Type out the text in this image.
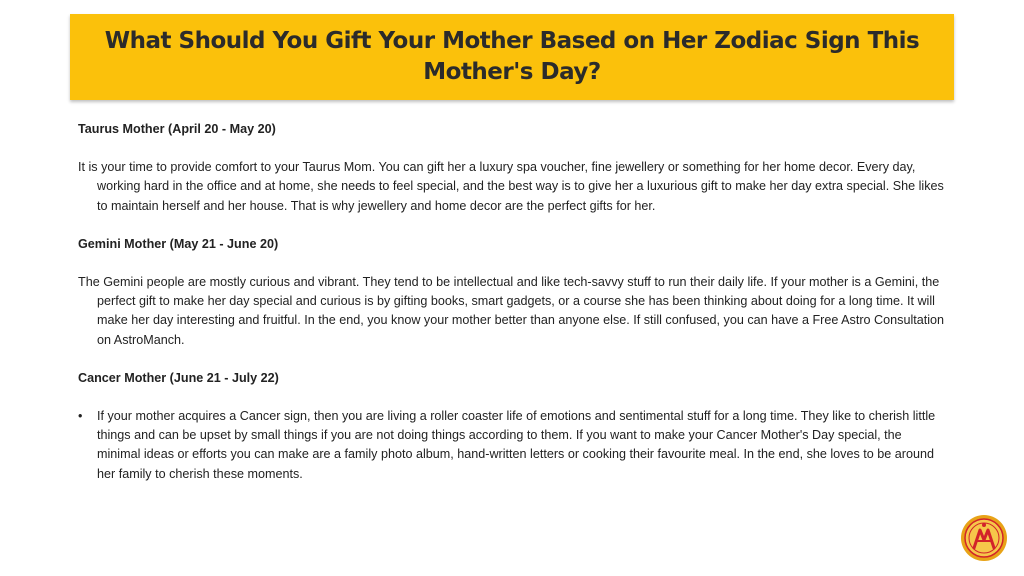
What Should You Gift Your Mother Based on Her Zodiac Sign This Mother's Day?
Taurus Mother (April 20 - May 20)
It is your time to provide comfort to your Taurus Mom. You can gift her a luxury spa voucher, fine jewellery or something for her home decor. Every day, working hard in the office and at home, she needs to feel special, and the best way is to give her a luxurious gift to make her day extra special. She likes to maintain herself and her house. That is why jewellery and home decor are the perfect gifts for her.
Gemini Mother (May 21 - June 20)
The Gemini people are mostly curious and vibrant. They tend to be intellectual and like tech-savvy stuff to run their daily life. If your mother is a Gemini, the perfect gift to make her day special and curious is by gifting books, smart gadgets, or a course she has been thinking about doing for a long time. It will make her day interesting and fruitful. In the end, you know your mother better than anyone else. If still confused, you can have a Free Astro Consultation on AstroManch.
Cancer Mother (June 21 - July 22)
• If your mother acquires a Cancer sign, then you are living a roller coaster life of emotions and sentimental stuff for a long time. They like to cherish little things and can be upset by small things if you are not doing things according to them. If you want to make your Cancer Mother's Day special, the minimal ideas or efforts you can make are a family photo album, hand-written letters or cooking their favourite meal. In the end, she loves to be around her family to cherish these moments.
